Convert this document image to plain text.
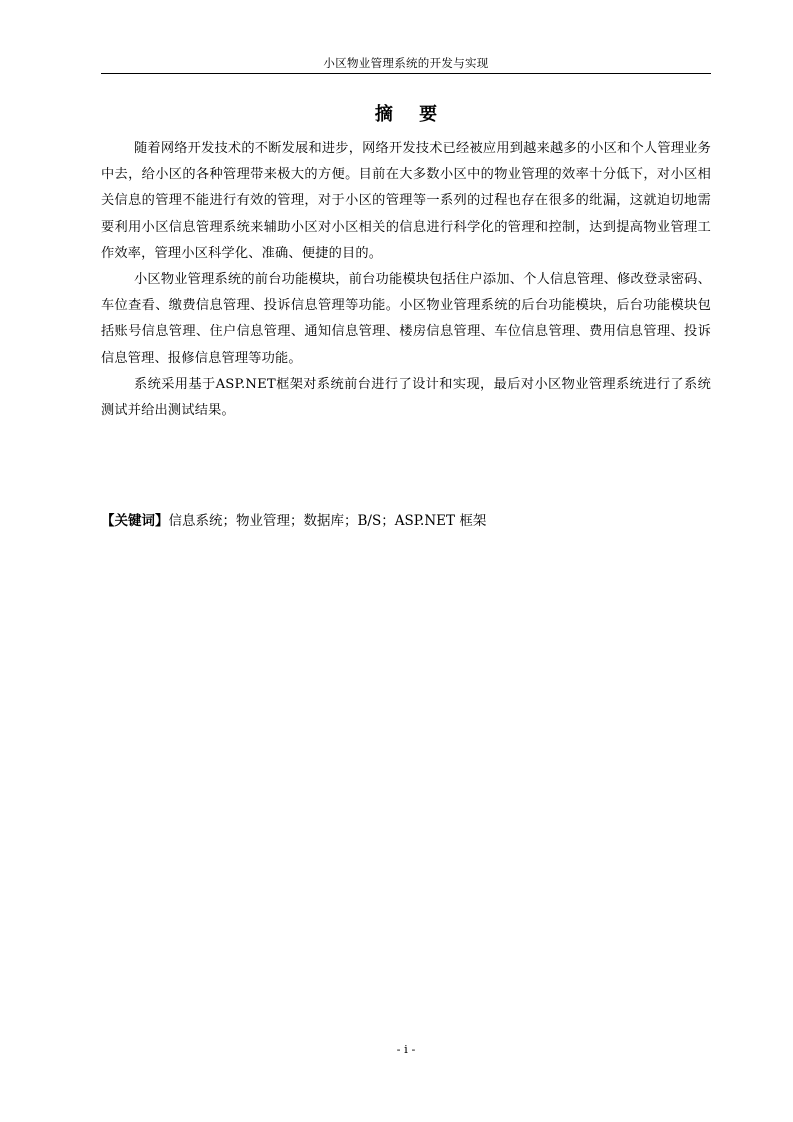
小区物业管理系统的开发与实现
摘 要

随着网络开发技术的不断发展和进步，网络开发技术已经被应用到越来越多的小区和个人管理业务中去，给小区的各种管理带来极大的方便。目前在大多数小区中的物业管理的效率十分低下，对小区相关信息的管理不能进行有效的管理，对于小区的管理等一系列的过程也存在很多的纰漏，这就迫切地需要利用小区信息管理系统来辅助小区对小区相关的信息进行科学化的管理和控制，达到提高物业管理工作效率，管理小区科学化、准确、便捷的目的。

小区物业管理系统的前台功能模块，前台功能模块包括住户添加、个人信息管理、修改登录密码、车位查看、缴费信息管理、投诉信息管理等功能。小区物业管理系统的后台功能模块，后台功能模块包括账号信息管理、住户信息管理、通知信息管理、楼房信息管理、车位信息管理、费用信息管理、投诉信息管理、报修信息管理等功能。

系统采用基于ASP.NET框架对系统前台进行了设计和实现，最后对小区物业管理系统进行了系统测试并给出测试结果。

【关键词】信息系统；物业管理；数据库；B/S；ASP.NET 框架
- i -
